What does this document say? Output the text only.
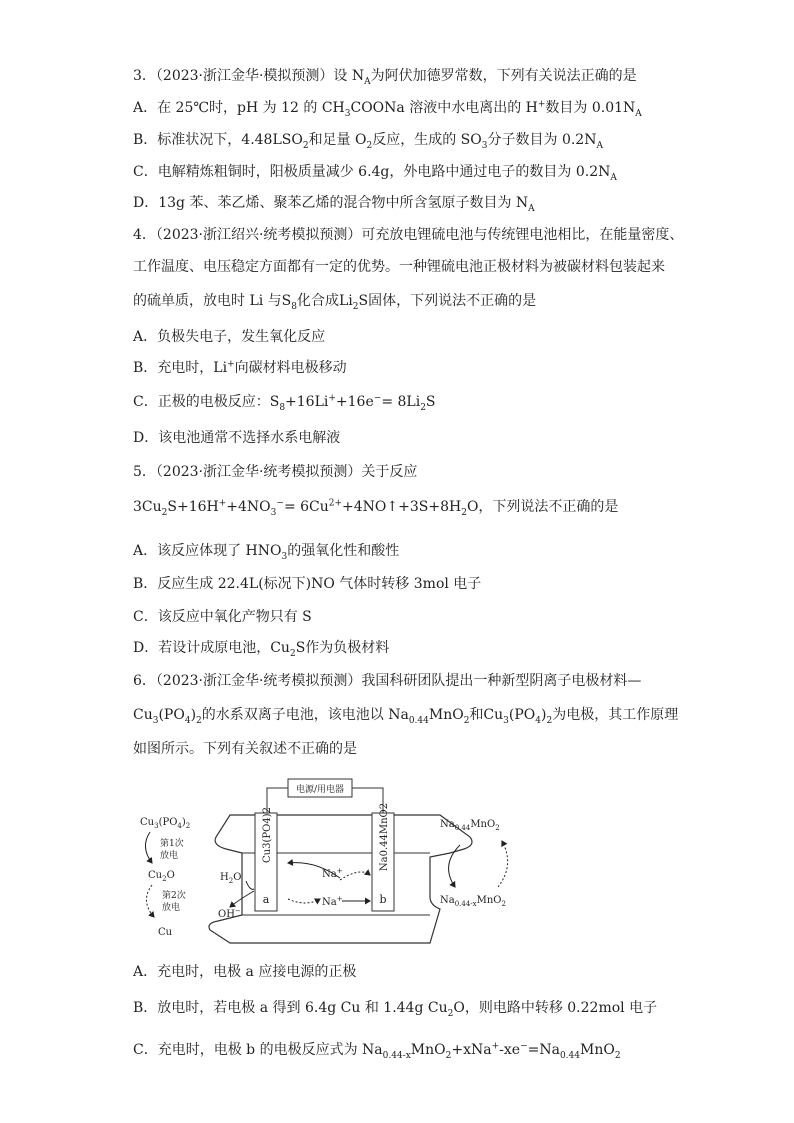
3．（2023·浙江金华·模拟预测）设 $N_A$为阿伏加德罗常数，下列有关说法正确的是
A．在 25℃时，pH 为 12 的 $CH_3COONa$ 溶液中水电离出的 H+数目为 $0.01N_A$
B．标准状况下，$4.48LSO_2$和足量 $O_2$反应，生成的 $SO_3$分子数目为 $0.2N_A$
C．电解精炼粗铜时，阳极质量减少 6.4g，外电路中通过电子的数目为 $0.2N_A$
D．13g 苯、苯乙烯、聚苯乙烯的混合物中所含氢原子数目为 $N_A$
4．（2023·浙江绍兴·统考模拟预测）可充放电锂硫电池与传统锂电池相比，在能量密度、
工作温度、电压稳定方面都有一定的优势。一种锂硫电池正极材料为被碳材料包装起来
的硫单质，放电时 Li 与$S_8$化合成$Li_2S$固体，下列说法不正确的是
A．负极失电子，发生氧化反应
B．充电时，Li+向碳材料电极移动
C．正极的电极反应：$S_8+16Li^++16e^-= 8Li_2S$
D．该电池通常不选择水系电解液
5．（2023·浙江金华·统考模拟预测）关于反应
$3Cu_2S+16H^++4NO_3^-=$ $6Cu^{2+}+4NO↑+3S+8H_2O$，下列说法不正确的是
A．该反应体现了 $HNO_3$的强氧化性和酸性
B．反应生成 22.4L(标况下)NO 气体时转移 3mol 电子
C．该反应中氧化产物只有 S
D．若设计成原电池，$Cu_2S$作为负极材料
6．（2023·浙江金华·统考模拟预测）我国科研团队提出一种新型阴离子电极材料—
$Cu_3(PO_4)_2$的水系双离子电池，该电池以 $Na_{0.44}MnO_2$和$Cu_3(PO_4)_2$为电极，其工作原理
如图所示。下列有关叙述不正确的是
电源/用电器
Cu3(PO4)2
a
Na0.44MnO2
b
Na+
Na+
$H_2O$
OH−
$Cu_3(PO_4)_2$
第1次
放电
$Cu_2O$
第2次
放电
Cu
$Na_{0.44}MnO_2$
$Na_{0.44-x}MnO_2$
A．充电时，电极 a 应接电源的正极
B．放电时，若电极 a 得到 6.4g Cu 和 1.44g $Cu_2O$，则电路中转移 0.22mol 电子
C．充电时，电极 b 的电极反应式为 $Na_{0.44-x}MnO_2+xNa^+-xe^-=Na_{0.44}MnO_2$
